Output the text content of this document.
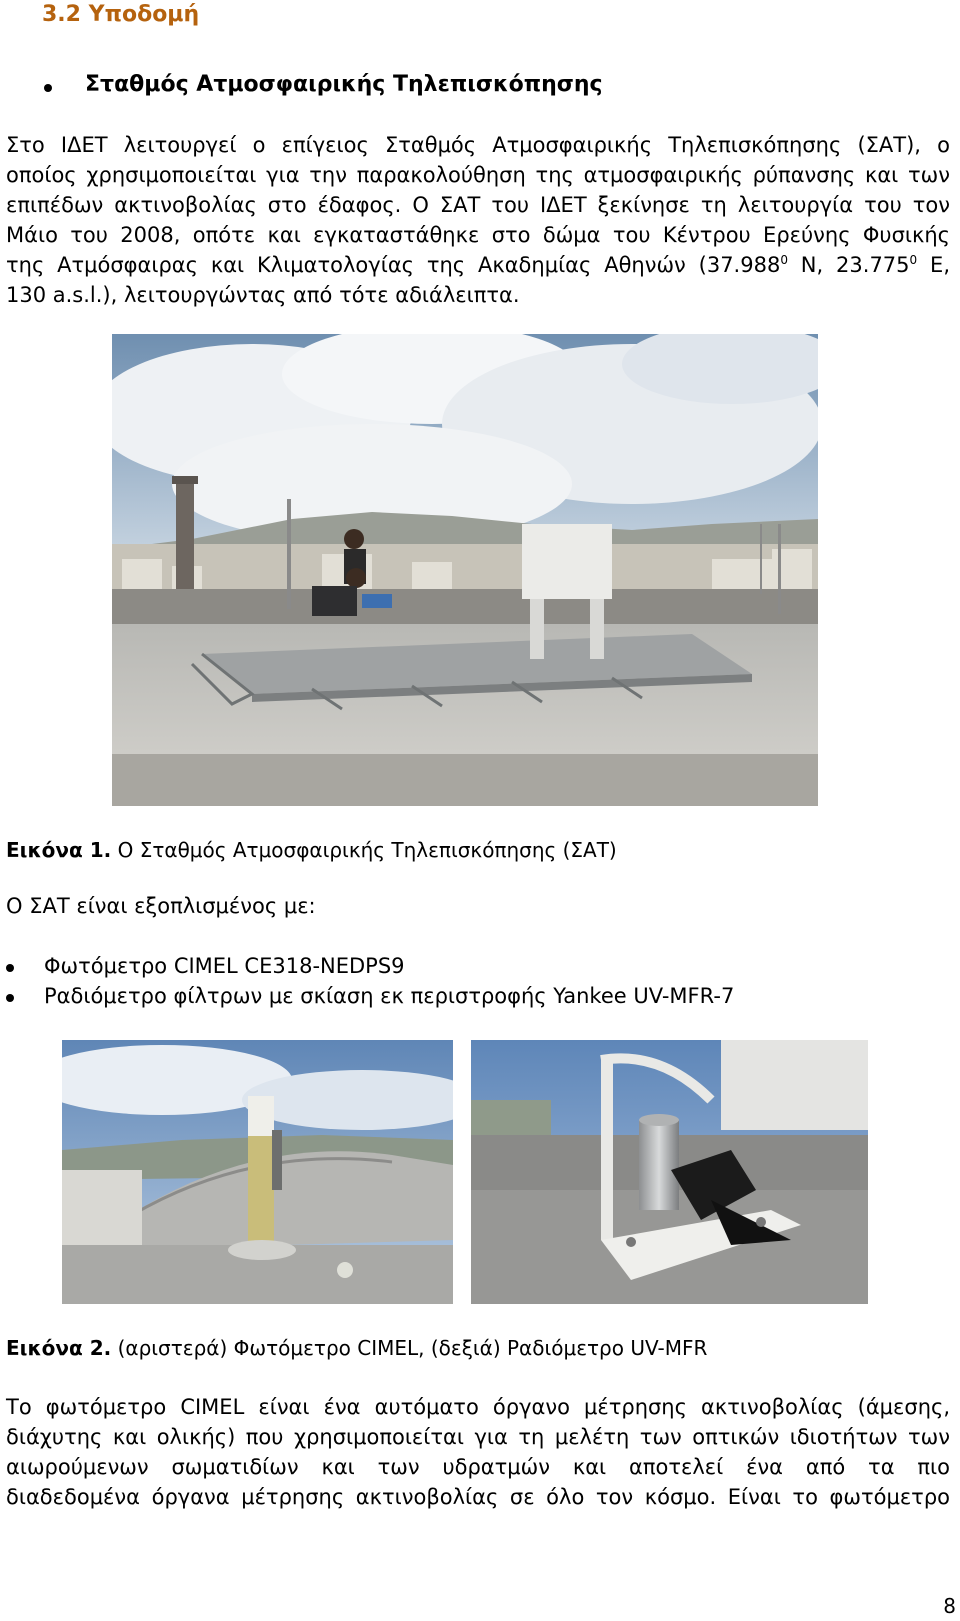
3.2 Υποδομή
Σταθμός Ατμοσφαιρικής Τηλεπισκόπησης
Στο ΙΔΕΤ λειτουργεί ο επίγειος Σταθμός Ατμοσφαιρικής Τηλεπισκόπησης (ΣΑΤ), ο
οποίος χρησιμοποιείται για την παρακολούθηση της ατμοσφαιρικής ρύπανσης και των
επιπέδων ακτινοβολίας στο έδαφος. Ο ΣΑΤ του ΙΔΕΤ ξεκίνησε τη λειτουργία του τον
Μάιο του 2008, οπότε και εγκαταστάθηκε στο δώμα του Κέντρου Ερεύνης Φυσικής
της Ατμόσφαιρας και Κλιματολογίας της Ακαδημίας Αθηνών (37.988$^0$ N, 23.775$^0$ E,
130 a.s.l.), λειτουργώντας από τότε αδιάλειπτα.
Εικόνα 1. Ο Σταθμός Ατμοσφαιρικής Τηλεπισκόπησης (ΣΑΤ)
Ο ΣΑΤ είναι εξοπλισμένος με:
Φωτόμετρο CIMEL CE318-NEDPS9
Ραδιόμετρο φίλτρων με σκίαση εκ περιστροφής Yankee UV-MFR-7
Εικόνα 2. (αριστερά) Φωτόμετρο CIMEL, (δεξιά) Ραδιόμετρο UV-MFR
Το φωτόμετρο CIMEL είναι ένα αυτόματο όργανο μέτρησης ακτινοβολίας (άμεσης,
διάχυτης και ολικής) που χρησιμοποιείται για τη μελέτη των οπτικών ιδιοτήτων των
αιωρούμενων σωματιδίων και των υδρατμών και αποτελεί ένα από τα πιο
διαδεδομένα όργανα μέτρησης ακτινοβολίας σε όλο τον κόσμο. Είναι το φωτόμετρο
8
